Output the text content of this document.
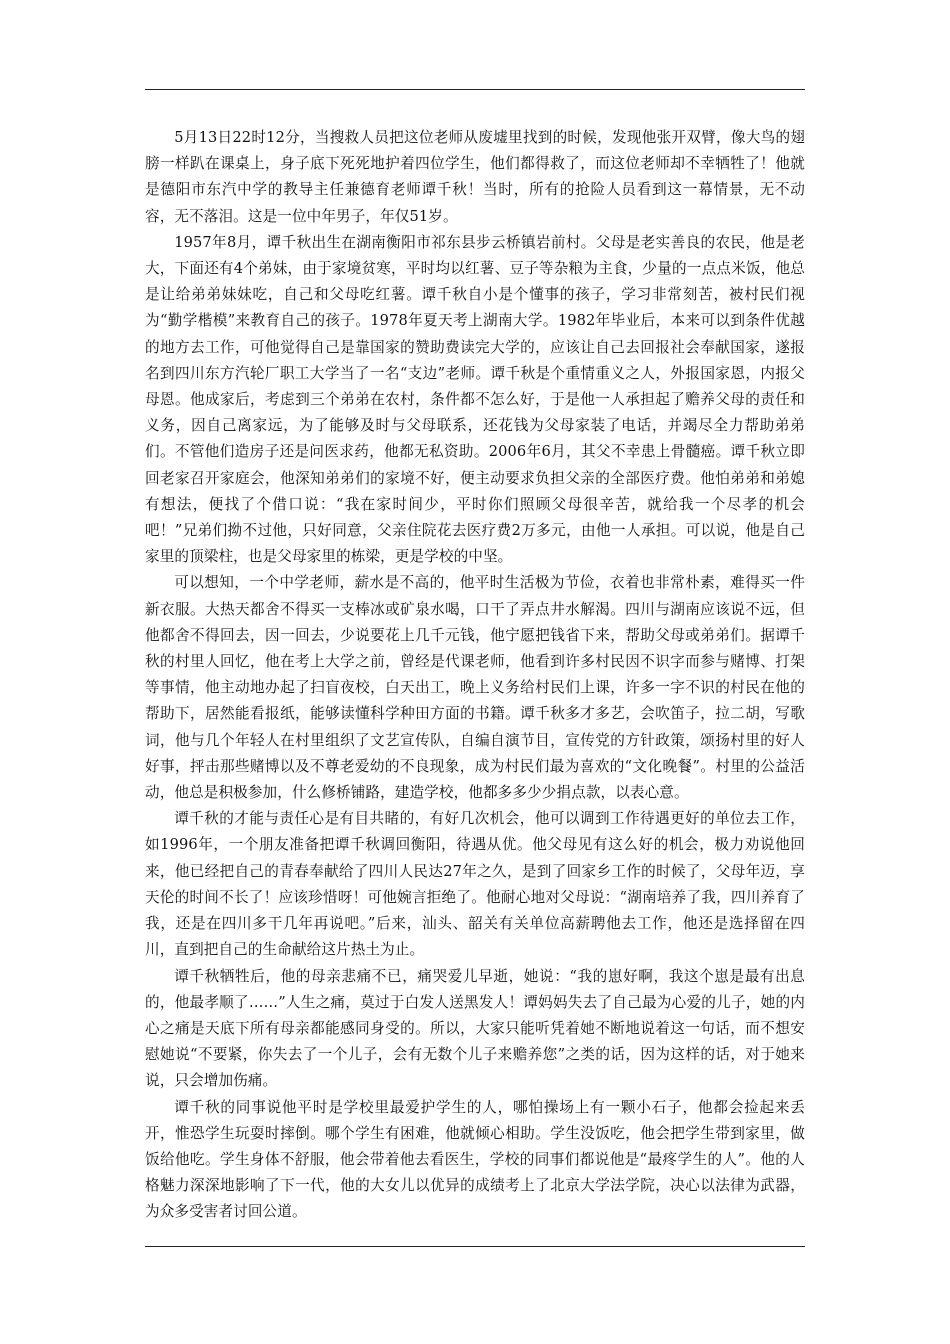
5月13日22时12分，当搜救人员把这位老师从废墟里找到的时候，发现他张开双臂，像大鸟的翅膀一样趴在课桌上，身子底下死死地护着四位学生，他们都得救了，而这位老师却不幸牺牲了！他就是德阳市东汽中学的教导主任兼德育老师谭千秋！当时，所有的抢险人员看到这一幕情景，无不动容，无不落泪。这是一位中年男子，年仅51岁。

1957年8月，谭千秋出生在湖南衡阳市祁东县步云桥镇岩前村。父母是老实善良的农民，他是老大，下面还有4个弟妹，由于家境贫寒，平时均以红薯、豆子等杂粮为主食，少量的一点点米饭，他总是让给弟弟妹妹吃，自己和父母吃红薯。谭千秋自小是个懂事的孩子，学习非常刻苦，被村民们视为“勤学楷模”来教育自己的孩子。1978年夏天考上湖南大学。1982年毕业后，本来可以到条件优越的地方去工作，可他觉得自己是靠国家的赞助费读完大学的，应该让自己去回报社会奉献国家，遂报名到四川东方汽轮厂职工大学当了一名“支边”老师。谭千秋是个重情重义之人，外报国家恩，内报父母恩。他成家后，考虑到三个弟弟在农村，条件都不怎么好，于是他一人承担起了赡养父母的责任和义务，因自己离家远，为了能够及时与父母联系，还花钱为父母家装了电话，并竭尽全力帮助弟弟们。不管他们造房子还是问医求药，他都无私资助。2006年6月，其父不幸患上骨髓癌。谭千秋立即回老家召开家庭会，他深知弟弟们的家境不好，便主动要求负担父亲的全部医疗费。他怕弟弟和弟媳有想法，便找了个借口说：“我在家时间少，平时你们照顾父母很辛苦，就给我一个尽孝的机会吧！”兄弟们拗不过他，只好同意，父亲住院花去医疗费2万多元，由他一人承担。可以说，他是自己家里的顶梁柱，也是父母家里的栋梁，更是学校的中坚。

可以想知，一个中学老师，薪水是不高的，他平时生活极为节俭，衣着也非常朴素，难得买一件新衣服。大热天都舍不得买一支棒冰或矿泉水喝，口干了弄点井水解渴。四川与湖南应该说不远，但他都舍不得回去，因一回去，少说要花上几千元钱，他宁愿把钱省下来，帮助父母或弟弟们。据谭千秋的村里人回忆，他在考上大学之前，曾经是代课老师，他看到许多村民因不识字而参与赌博、打架等事情，他主动地办起了扫盲夜校，白天出工，晚上义务给村民们上课，许多一字不识的村民在他的帮助下，居然能看报纸，能够读懂科学种田方面的书籍。谭千秋多才多艺，会吹笛子，拉二胡，写歌词，他与几个年轻人在村里组织了文艺宣传队，自编自演节目，宣传党的方针政策，颂扬村里的好人好事，抨击那些赌博以及不尊老爱幼的不良现象，成为村民们最为喜欢的“文化晚餐”。村里的公益活动，他总是积极参加，什么修桥铺路，建造学校，他都多多少少捐点款，以表心意。

谭千秋的才能与责任心是有目共睹的，有好几次机会，他可以调到工作待遇更好的单位去工作，如1996年，一个朋友准备把谭千秋调回衡阳，待遇从优。他父母见有这么好的机会，极力劝说他回来，他已经把自己的青春奉献给了四川人民达27年之久，是到了回家乡工作的时候了，父母年迈，享天伦的时间不长了！应该珍惜呀！可他婉言拒绝了。他耐心地对父母说：“湖南培养了我，四川养育了我，还是在四川多干几年再说吧。”后来，汕头、韶关有关单位高薪聘他去工作，他还是选择留在四川，直到把自己的生命献给这片热土为止。

谭千秋牺牲后，他的母亲悲痛不已，痛哭爱儿早逝，她说：“我的崽好啊，我这个崽是最有出息的，他最孝顺了……”人生之痛，莫过于白发人送黑发人！谭妈妈失去了自己最为心爱的儿子，她的内心之痛是天底下所有母亲都能感同身受的。所以，大家只能听凭着她不断地说着这一句话，而不想安慰她说“不要紧，你失去了一个儿子，会有无数个儿子来赡养您”之类的话，因为这样的话，对于她来说，只会增加伤痛。

谭千秋的同事说他平时是学校里最爱护学生的人，哪怕操场上有一颗小石子，他都会捡起来丢开，惟恐学生玩耍时摔倒。哪个学生有困难，他就倾心相助。学生没饭吃，他会把学生带到家里，做饭给他吃。学生身体不舒服，他会带着他去看医生，学校的同事们都说他是“最疼学生的人”。他的人格魅力深深地影响了下一代，他的大女儿以优异的成绩考上了北京大学法学院，决心以法律为武器，为众多受害者讨回公道。
